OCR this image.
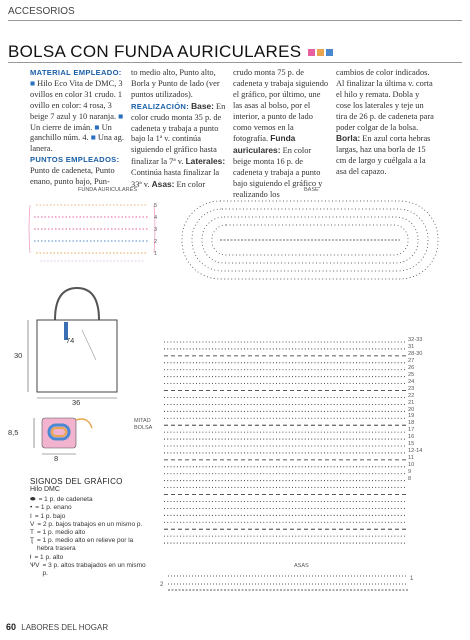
ACCESORIOS
BOLSA CON FUNDA AURICULARES
MATERIAL EMPLEADO: ■ Hilo Eco Vita de DMC, 3 ovillos en color 31 crudo. 1 ovillo en color: 4 rosa, 3 beige 7 azul y 10 naranja. ■ Un cierre de imán. ■ Un ganchillo núm. 4. ■ Una ag. lanera.
PUNTOS EMPLEADOS: Punto de cadeneta, Punto enano, punto bajo, Pun-
to medio alto, Punto alto, Borla y Punto de lado (ver puntos utilizados). REALIZACIÓN: Base: En color crudo monta 35 p. de cadeneta y trabaja a punto bajo la 1ª v. continúa siguiendo el gráfico hasta finalizar la 7ª v. Laterales: Continúa hasta finalizar la 33ª v. Asas: En color
crudo monta 75 p. de cadeneta y trabaja siguiendo el gráfico, por último, une las asas al bolso, por el interior, a punto de lado como vemos en la fotografía. Funda auriculares: En color beige monta 16 p. de cadeneta y trabaja a punto bajo siguiendo el gráfico y realizando los
cambios de color indicados. Al finalizar la última v. corta el hilo y remata. Dobla y cose los laterales y teje un tira de 26 p. de cadeneta para poder colgar de la bolsa. Borla: En azul corta hebras largas, haz una borla de 15 cm de largo y cuélgala a la asa del capazo.
FUNDA AURICULARES
5
4
3
2
1
BASE
74
30
36
8,5
8
MITAD BOLSA
32-33
31
28-30
27
26
25
24
23
22
21
20
19
18
17
16
15
12-14
11
10
9
8
SIGNOS DEL GRÁFICO
Hilo DMC
⬬ = 1 p. de cadeneta
• = 1 p. enano
I = 1 p. bajo
V = 2 p. bajos trabajos en un mismo p.
T = 1 p. medio alto
Ʈ = 1 p. medio alto en relieve por la hebra trasera
ƚ = 1 p. alto
ѰV = 3 p. altos trabajados en un mismo p.
ASAS
2
1
60 LABORES DEL HOGAR
